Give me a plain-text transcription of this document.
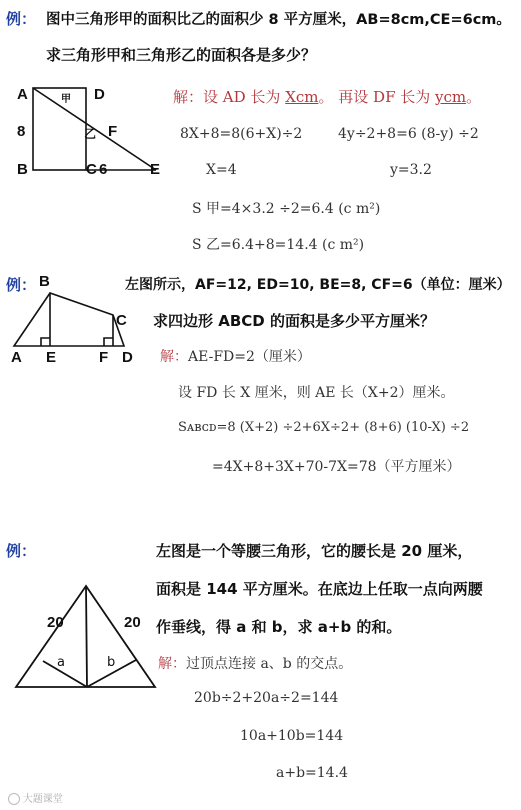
例： 图中三角形甲的面积比乙的面积少 8 平方厘米，AB=8cm,CE=6cm。
求三角形甲和三角形乙的面积各是多少？
A	D
B	C	E
F
8
6
甲
乙
解：设 AD 长为 Xcm。 再设 DF 长为 ycm。
8X+8=8(6+X)÷2	4y÷2+8=6 (8-y) ÷2
X=4	y=3.2
S 甲=4×3.2 ÷2=6.4 (c m²)
S 乙=6.4+8=14.4 (c m²)
例：	左图所示，AF=12, ED=10, BE=8, CF=6（单位：厘米）
求四边形 ABCD 的面积是多少平方厘米？
A E	F D
B
C
解：AE-FD=2（厘米）
设 FD 长 X 厘米，则 AE 长（X+2）厘米。
Sᴀʙᴄᴅ=8 (X+2) ÷2+6X÷2+ (8+6) (10-X) ÷2
=4X+8+3X+70-7X=78（平方厘米）
例：	左图是一个等腰三角形，它的腰长是 20 厘米，
面积是 144 平方厘米。在底边上任取一点向两腰
作垂线，得 a 和 b，求 a+b 的和。
20	20
a	b	解：过顶点连接 a、b 的交点。
20b÷2+20a÷2=144
10a+10b=144
a+b=14.4
大题课堂
